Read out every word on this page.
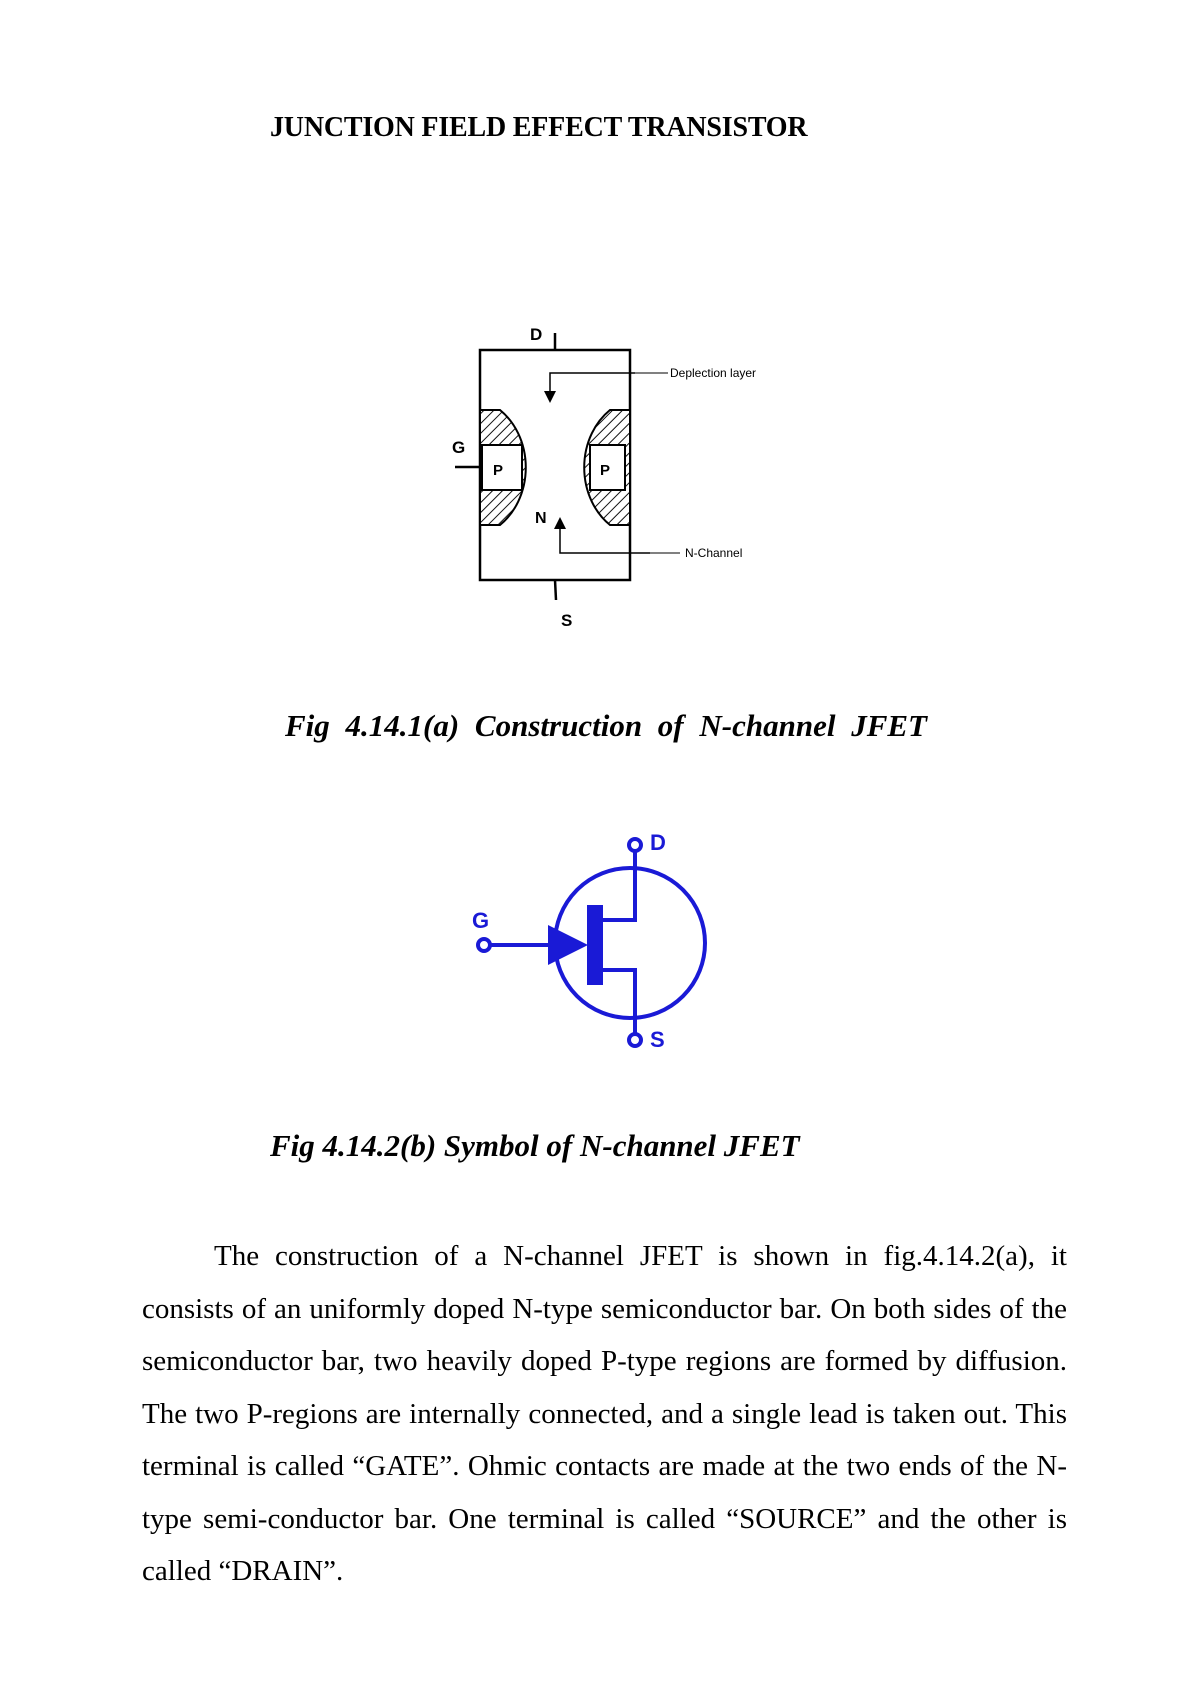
JUNCTION FIELD EFFECT TRANSISTOR
D
G
S
P	P
N
Deplection layer
N-Channel
Fig 4.14.1(a) Construction of N-channel JFET
D
G
S
Fig 4.14.2(b) Symbol of N-channel JFET
The construction of a N-channel JFET is shown in fig.4.14.2(a), it consists of an uniformly doped N-type semiconductor bar. On both sides of the semiconductor bar, two heavily doped P-type regions are formed by diffusion. The two P-regions are internally connected, and a single lead is taken out. This terminal is called “GATE”. Ohmic contacts are made at the two ends of the N-type semi-conductor bar. One terminal is called “SOURCE” and the other is called “DRAIN”.
